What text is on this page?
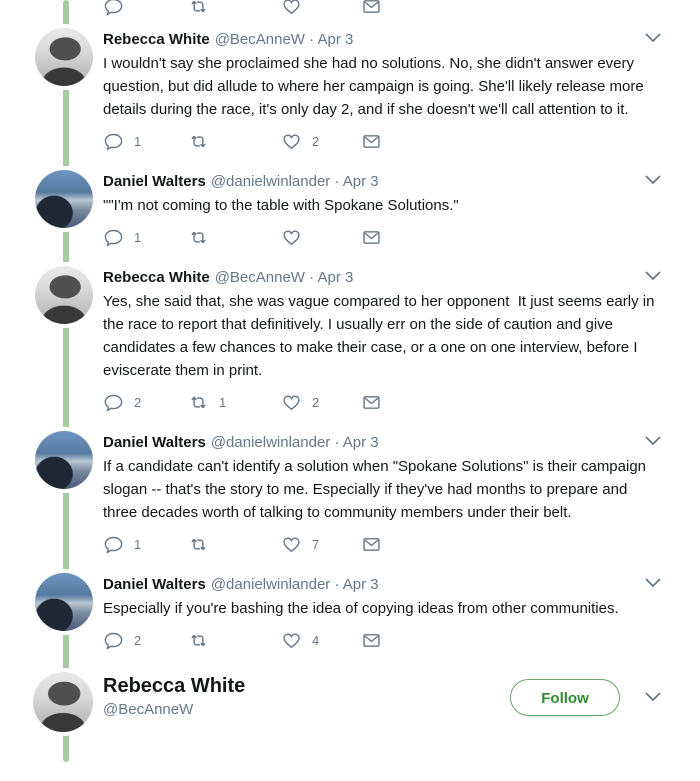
Rebecca White @BecAnneW · Apr 3
I wouldn't say she proclaimed she had no solutions. No, she didn't answer every question, but did allude to where her campaign is going. She'll likely release more details during the race, it's only day 2, and if she doesn't we'll call attention to it.
1	2
Daniel Walters @danielwinlander · Apr 3
""I'm not coming to the table with Spokane Solutions."
1
Rebecca White @BecAnneW · Apr 3
Yes, she said that, she was vague compared to her opponent  It just seems early in the race to report that definitively. I usually err on the side of caution and give candidates a few chances to make their case, or a one on one interview, before I eviscerate them in print.
2	1	2
Daniel Walters @danielwinlander · Apr 3
If a candidate can't identify a solution when "Spokane Solutions" is their campaign slogan -- that's the story to me. Especially if they've had months to prepare and three decades worth of talking to community members under their belt.
1	7
Daniel Walters @danielwinlander · Apr 3
Especially if you're bashing the idea of copying ideas from other communities.
2	4
Rebecca White
@BecAnneW
Follow
